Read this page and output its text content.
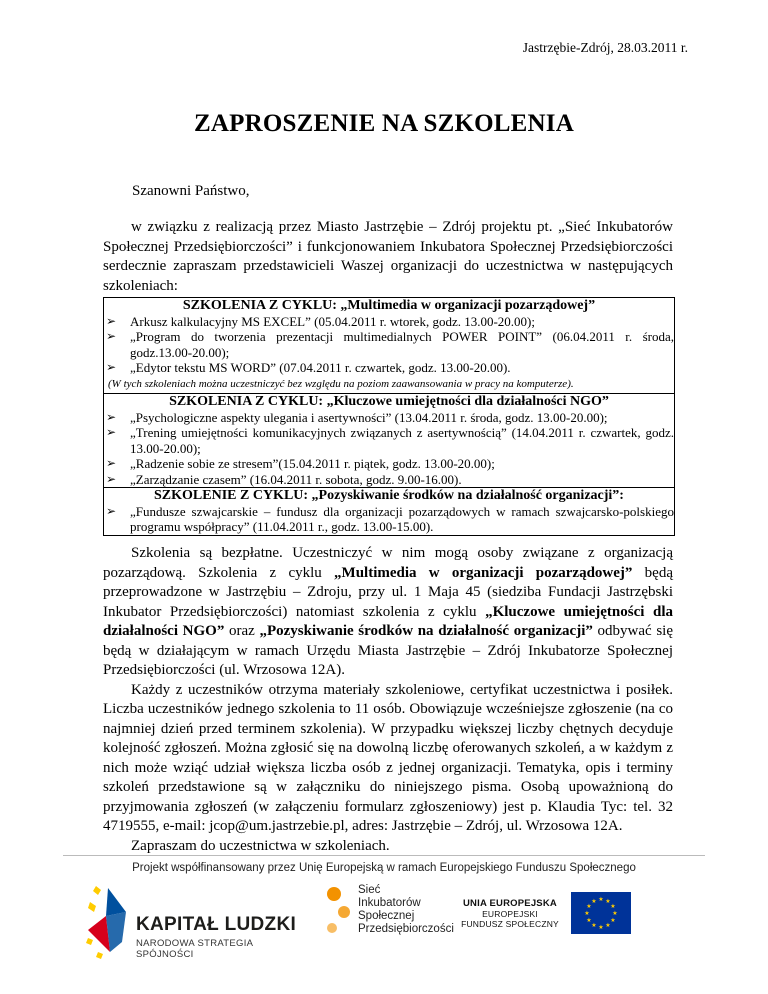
Jastrzębie-Zdrój, 28.03.2011 r.
ZAPROSZENIE NA SZKOLENIA
Szanowni Państwo,

w związku z realizacją przez Miasto Jastrzębie – Zdrój projektu pt. „Sieć Inkubatorów Społecznej Przedsiębiorczości” i funkcjonowaniem Inkubatora Społecznej Przedsiębiorczości serdecznie zapraszam przedstawicieli Waszej organizacji do uczestnictwa w następujących szkoleniach:

SZKOLENIA Z CYKLU: „Multimedia w organizacji pozarządowej”
➢ Arkusz kalkulacyjny MS EXCEL” (05.04.2011 r. wtorek, godz. 13.00-20.00);
➢ „Program do tworzenia prezentacji multimedialnych POWER POINT” (06.04.2011 r. środa, godz.13.00-20.00);
➢ „Edytor tekstu MS WORD” (07.04.2011 r. czwartek, godz. 13.00-20.00).
(W tych szkoleniach można uczestniczyć bez względu na poziom zaawansowania w pracy na komputerze).
SZKOLENIA Z CYKLU: „Kluczowe umiejętności dla działalności NGO”
➢ „Psychologiczne aspekty ulegania i asertywności” (13.04.2011 r. środa, godz. 13.00-20.00);
➢ „Trening umiejętności komunikacyjnych związanych z asertywnością” (14.04.2011 r. czwartek, godz. 13.00-20.00);
➢ „Radzenie sobie ze stresem”(15.04.2011 r. piątek, godz. 13.00-20.00);
➢ „Zarządzanie czasem” (16.04.2011 r. sobota, godz. 9.00-16.00).
SZKOLENIE Z CYKLU: „Pozyskiwanie środków na działalność organizacji”:
➢ „Fundusze szwajcarskie – fundusz dla organizacji pozarządowych w ramach szwajcarsko-polskiego programu współpracy” (11.04.2011 r., godz. 13.00-15.00).

Szkolenia są bezpłatne. Uczestniczyć w nim mogą osoby związane z organizacją pozarządową. Szkolenia z cyklu „Multimedia w organizacji pozarządowej” będą przeprowadzone w Jastrzębiu – Zdroju, przy ul. 1 Maja 45 (siedziba Fundacji Jastrzębski Inkubator Przedsiębiorczości) natomiast szkolenia z cyklu „Kluczowe umiejętności dla działalności NGO” oraz „Pozyskiwanie środków na działalność organizacji” odbywać się będą w działającym w ramach Urzędu Miasta Jastrzębie – Zdrój Inkubatorze Społecznej Przedsiębiorczości (ul. Wrzosowa 12A).

Każdy z uczestników otrzyma materiały szkoleniowe, certyfikat uczestnictwa i posiłek. Liczba uczestników jednego szkolenia to 11 osób. Obowiązuje wcześniejsze zgłoszenie (na co najmniej dzień przed terminem szkolenia). W przypadku większej liczby chętnych decyduje kolejność zgłoszeń. Można zgłosić się na dowolną liczbę oferowanych szkoleń, a w każdym z nich może wziąć udział większa liczba osób z jednej organizacji. Tematyka, opis i terminy szkoleń przedstawione są w załączniku do niniejszego pisma. Osobą upoważnioną do przyjmowania zgłoszeń (w załączeniu formularz zgłoszeniowy) jest p. Klaudia Tyc: tel. 32 4719555, e-mail: jcop@um.jastrzebie.pl, adres: Jastrzębie – Zdrój, ul. Wrzosowa 12A.

Zapraszam do uczestnictwa w szkoleniach.

Projekt współfinansowany przez Unię Europejską w ramach Europejskiego Funduszu Społecznego
KAPITAŁ LUDZKI
NARODOWA STRATEGIA SPÓJNOŚCI
Sieć
Inkubatorów
Społecznej
Przedsiębiorczości
UNIA EUROPEJSKA
EUROPEJSKI
FUNDUSZ SPOŁECZNY
★ ★
★
★
★
★
★
★
★
★
★
★
